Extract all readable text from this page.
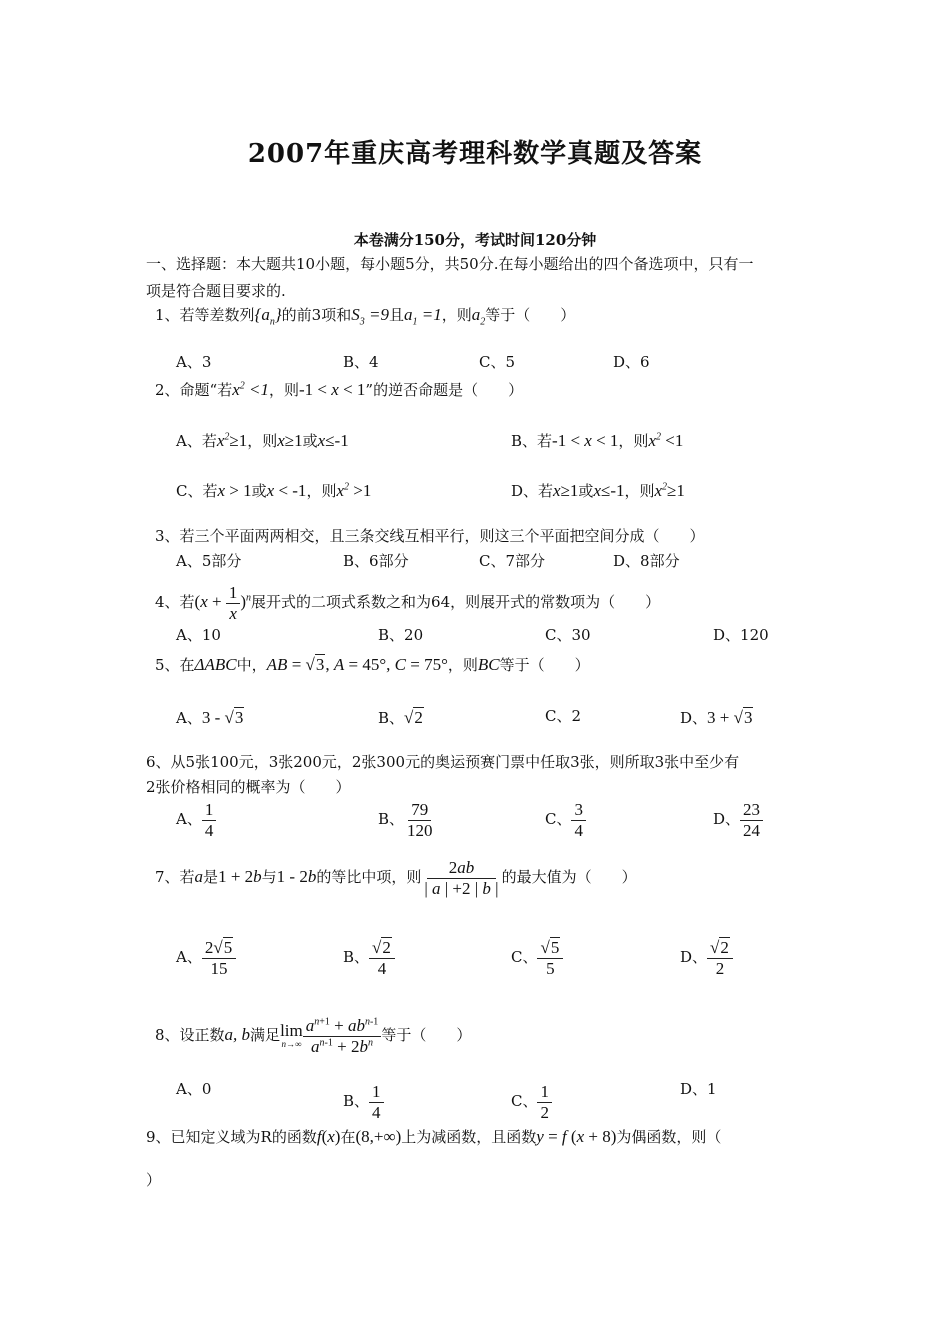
2007年重庆高考理科数学真题及答案
本卷满分150分，考试时间120分钟
一、选择题：本大题共10小题，每小题5分，共50分.在每小题给出的四个备选项中，只有一
项是符合题目要求的.
1、若等差数列$\{a_n\}$的前3项和$S_3 =9$且$a_1 =1$，则$a_2$等于（　　）
A、3	B、4	C、5	D、6
2、命题“若$x^2 <1$，则-1 < x < 1”的逆否命题是（　　）
A、若$x^2\ge 1$，则x≥1或x≤-1	B、若-1 < x < 1，则$x^2 <1$
C、若x > 1或x < -1，则$x^2 >1$	D、若x≥1或x≤-1，则$x^2\ge 1$
3、若三个平面两两相交，且三条交线互相平行，则这三个平面把空间分成（　　）
A、5部分	B、6部分	C、7部分	D、8部分
4、若$(x + \frac{1}{x} )^n$展开式的二项式系数之和为64，则展开式的常数项为（　　）
A、10	B、20	C、30	D、120
5、在ΔABC中，AB = √3, A = 45°, C = 75°，则BC等于（　　）
A、3 - √3	B、√2	C、2	D、3 + √3
6、从5张100元，3张200元，2张300元的奥运预赛门票中任取3张，则所取3张中至少有
2张价格相同的概率为（　　）
A、 $\frac{1}{4}$	B、 $\frac{79}{120}$	C、 $\frac{3}{4}$	D、 $\frac{23}{24}$
7、若a是1 + 2b与1 - 2b的等比中项，则 $\frac{2ab}{| a | +2 | b |}$ 的最大值为（　　）
A、 $\frac{2√5}{15}$	B、 $\frac{√2}{4}$	C、 $\frac{√5}{5}$	D、 $\frac{√2}{2}$
8、设正数a, b满足lim
$n\to\infty \frac{a^{n+1} + ab^{n-1}}{a^{n-1} + 2b^n}$ 等于（　　）
A、0
B、 $\frac{1}{4}$	C、 $\frac{1}{2}$	D、1
9、已知定义域为R的函数f(x)在(8,+∞)上为减函数，且函数y = f (x + 8)为偶函数，则（
）
